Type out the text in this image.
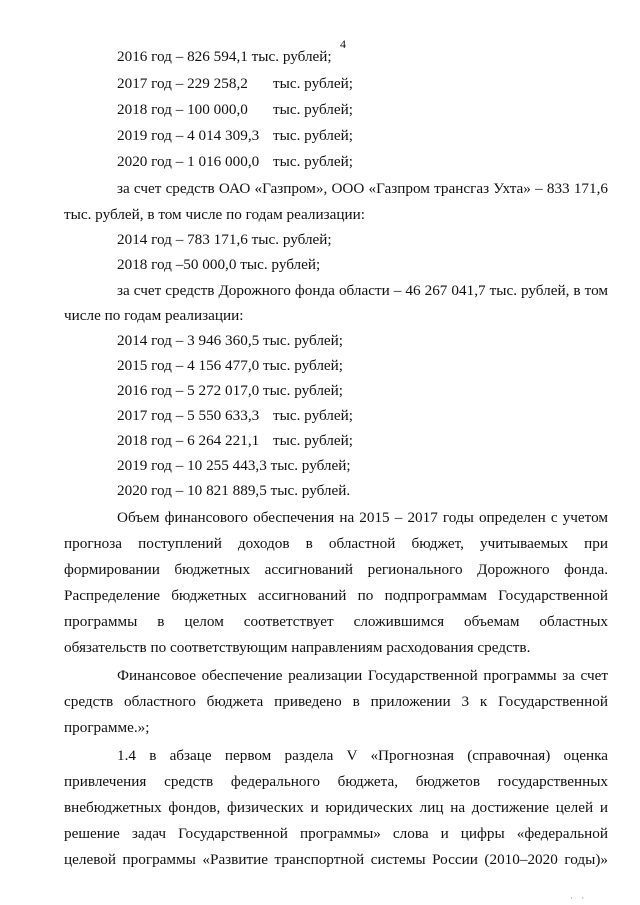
4
2016 год – 826 594,1 тыс. рублей;
2017 год – 229 258,2 тыс. рублей;
2018 год – 100 000,0 тыс. рублей;
2019 год – 4 014 309,3 тыс. рублей;
2020 год – 1 016 000,0 тыс. рублей;
за счет средств ОАО «Газпром», ООО «Газпром трансгаз Ухта» – 833 171,6
тыс. рублей, в том числе по годам реализации:
2014 год – 783 171,6 тыс. рублей;
2018 год –50 000,0 тыс. рублей;
за счет средств Дорожного фонда области – 46 267 041,7 тыс. рублей, в том
числе по годам реализации:
2014 год – 3 946 360,5 тыс. рублей;
2015 год – 4 156 477,0 тыс. рублей;
2016 год – 5 272 017,0 тыс. рублей;
2017 год – 5 550 633,3 тыс. рублей;
2018 год – 6 264 221,1 тыс. рублей;
2019 год – 10 255 443,3 тыс. рублей;
2020 год – 10 821 889,5 тыс. рублей.
Объем финансового обеспечения на 2015 – 2017 годы определен с учетом
прогноза поступлений доходов в областной бюджет, учитываемых при
формировании бюджетных ассигнований регионального Дорожного фонда.
Распределение бюджетных ассигнований по подпрограммам Государственной
программы в целом соответствует сложившимся объемам областных
обязательств по соответствующим направлениям расходования средств.
Финансовое обеспечение реализации Государственной программы за счет
средств областного бюджета приведено в приложении 3 к Государственной
программе.»;
1.4 в абзаце первом раздела V «Прогнозная (справочная) оценка
привлечения средств федерального бюджета, бюджетов государственных
внебюджетных фондов, физических и юридических лиц на достижение целей и
решение задач Государственной программы» слова и цифры «федеральной
целевой программы «Развитие транспортной системы России (2010–2020 годы)»
· ·
